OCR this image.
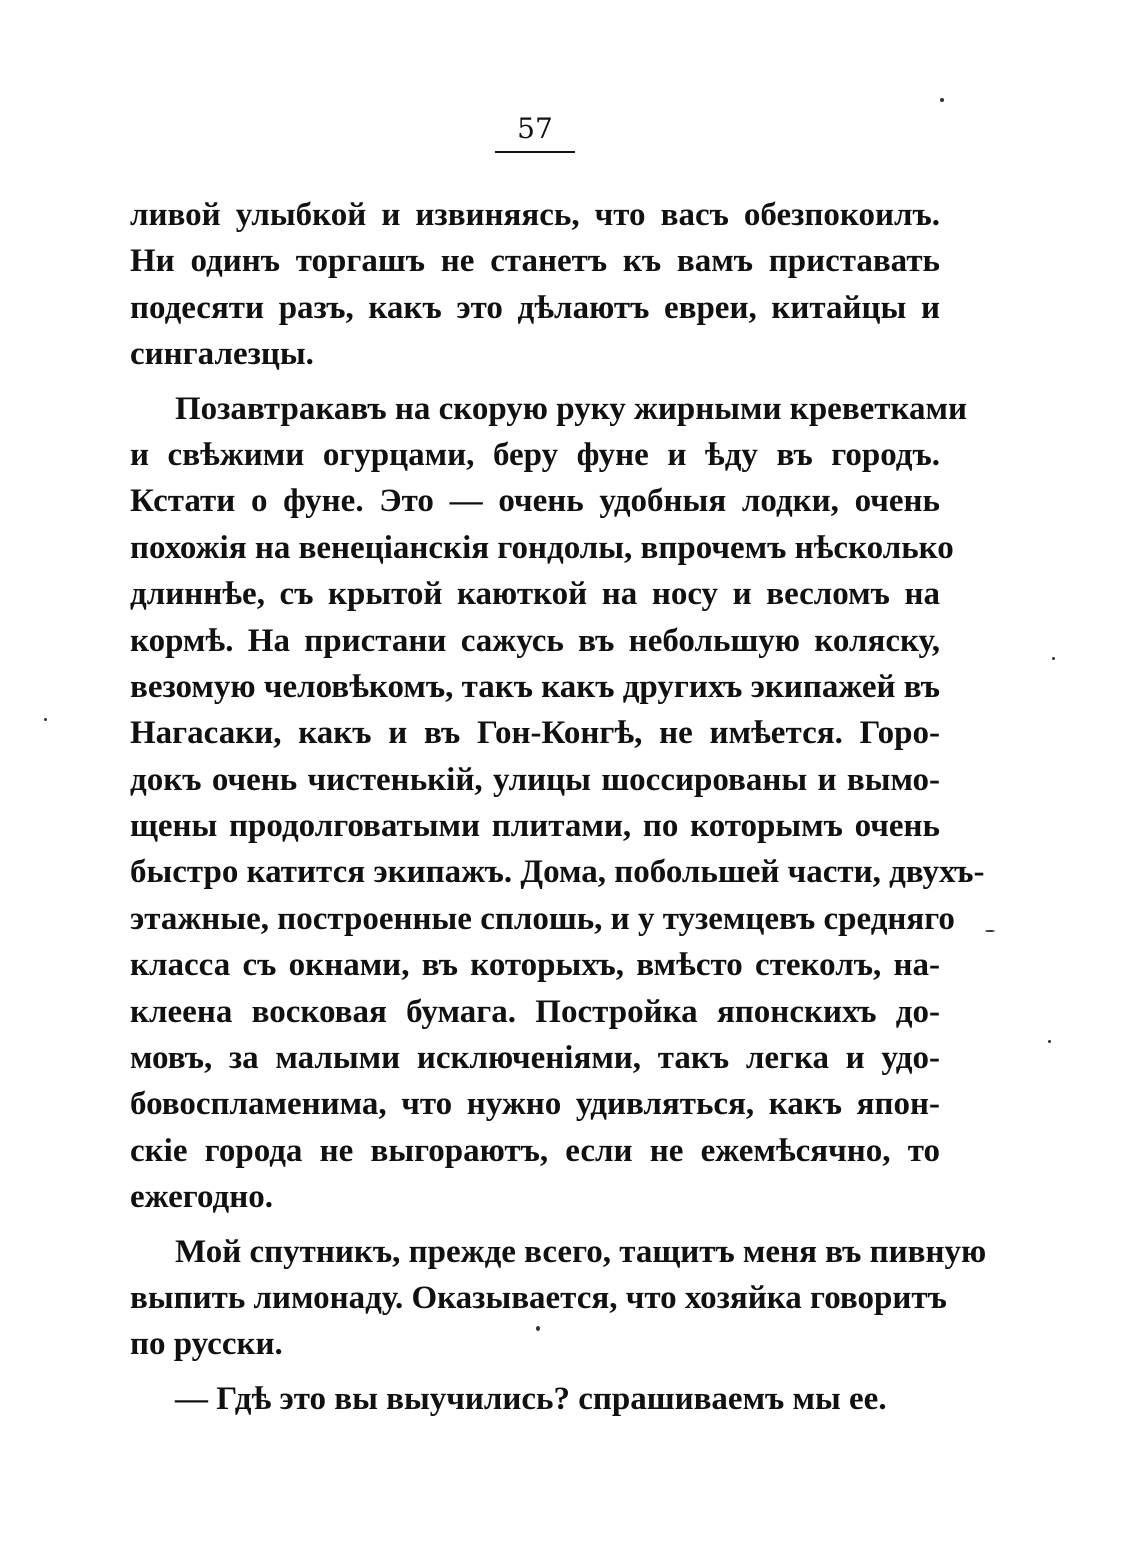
57
ливой улыбкой и извиняясь, что васъ обезпокоилъ.
Ни одинъ торгашъ не станетъ къ вамъ приставать
подесяти разъ, какъ это дѣлаютъ евреи, китайцы и
сингалезцы.
Позавтракавъ на скорую руку жирными креветками
и свѣжими огурцами, беру фуне и ѣду въ городъ.
Кстати о фуне. Это — очень удобныя лодки, очень
похожія на венеціанскія гондолы, впрочемъ нѣсколько
длиннѣе, съ крытой каюткой на носу и весломъ на
кормѣ. На пристани сажусь въ небольшую коляску,
везомую человѣкомъ, такъ какъ другихъ экипажей въ
Нагасаки, какъ и въ Гон-Конгѣ, не имѣется. Горо-
докъ очень чистенькій, улицы шоссированы и вымо-
щены продолговатыми плитами, по которымъ очень
быстро катится экипажъ. Дома, побольшей части, двухъ-
этажные, построенные сплошь, и у туземцевъ средняго
класса съ окнами, въ которыхъ, вмѣсто стеколъ, на-
клеена восковая бумага. Постройка японскихъ до-
мовъ, за малыми исключеніями, такъ легка и удо-
бовоспламенима, что нужно удивляться, какъ япон-
скіе города не выгораютъ, если не ежемѣсячно, то
ежегодно.
Мой спутникъ, прежде всего, тащитъ меня въ пивную
выпить лимонаду. Оказывается, что хозяйка говоритъ
по русски.
— Гдѣ это вы выучились? спрашиваемъ мы ее.
